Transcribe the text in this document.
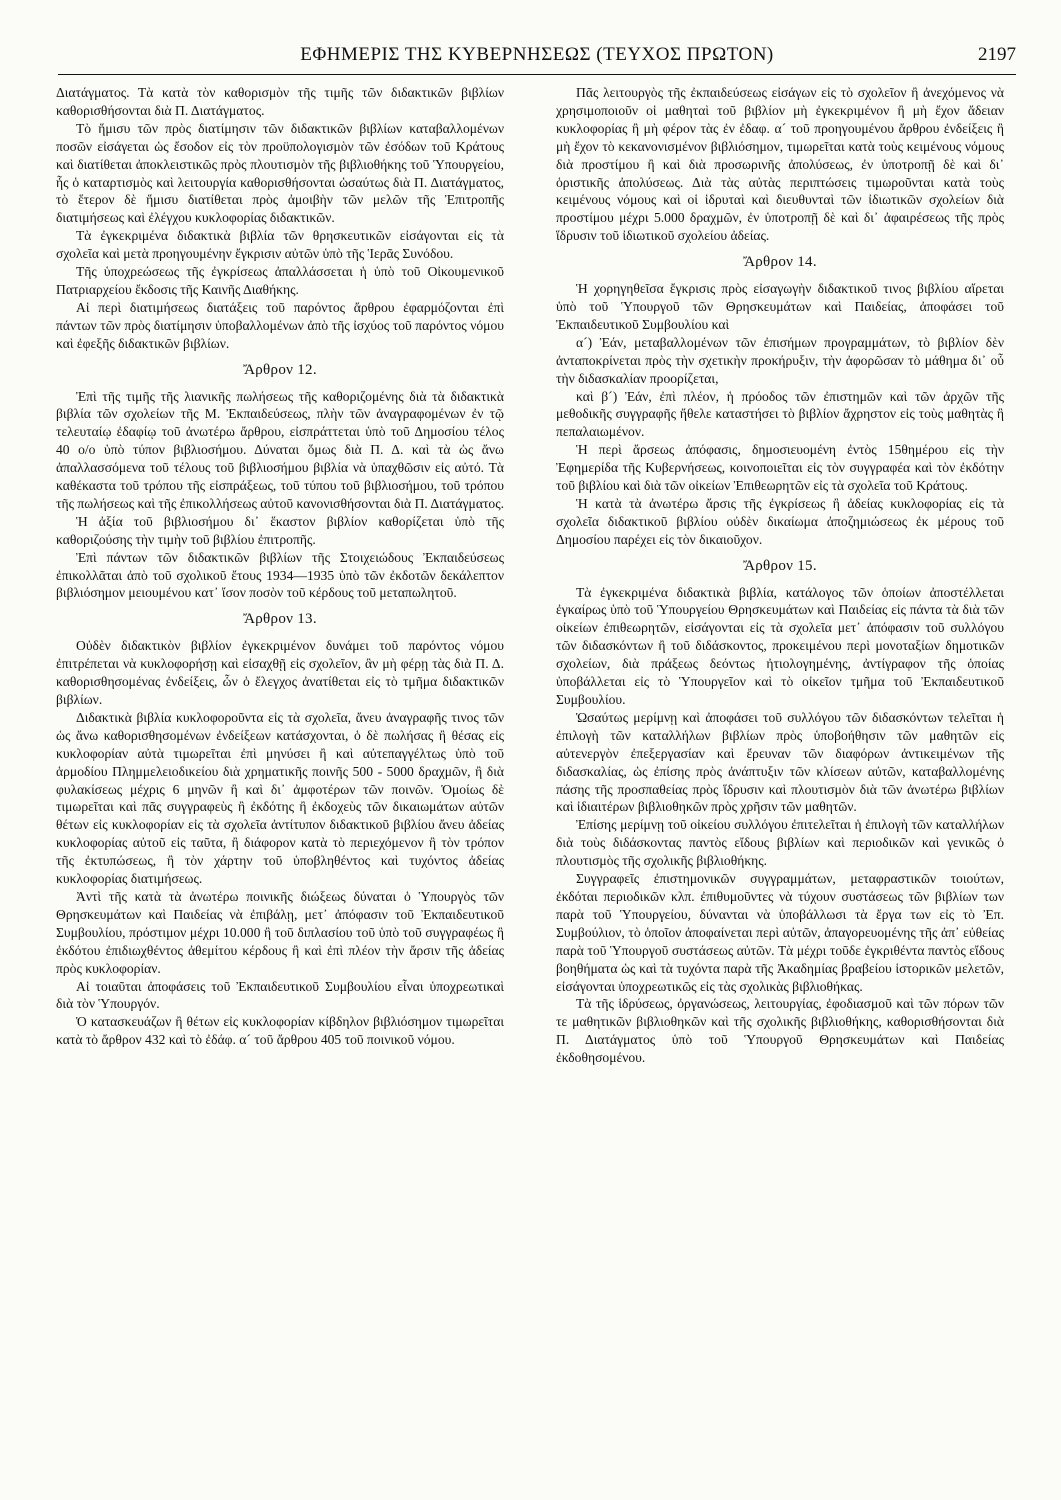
ΕΦΗΜΕΡΙΣ ΤΗΣ ΚΥΒΕΡΝΗΣΕΩΣ (ΤΕΥΧΟΣ ΠΡΩΤΟΝ)	2197

Διατάγματος. Τὰ κατὰ τὸν καθορισμὸν τῆς τιμῆς τῶν διδακτικῶν βιβλίων καθορισθήσονται διὰ Π. Διατάγματος.

Τὸ ἥμισυ τῶν πρὸς διατίμησιν τῶν διδακτικῶν βιβλίων καταβαλλομένων ποσῶν εἰσάγεται ὡς ἔσοδον εἰς τὸν προϋπολογισμὸν τῶν ἐσόδων τοῦ Κράτους καὶ διατίθεται ἀποκλειστικῶς πρὸς πλουτισμὸν τῆς βιβλιοθήκης τοῦ Ὑπουργείου, ἧς ὁ καταρτισμὸς καὶ λειτουργία καθορισθήσονται ὡσαύτως διὰ Π. Διατάγματος, τὸ ἕτερον δὲ ἥμισυ διατίθεται πρὸς ἀμοιβὴν τῶν μελῶν τῆς Ἐπιτροπῆς διατιμήσεως καὶ ἐλέγχου κυκλοφορίας διδακτικῶν.

Τὰ ἐγκεκριμένα διδακτικὰ βιβλία τῶν θρησκευτικῶν εἰσάγονται εἰς τὰ σχολεῖα καὶ μετὰ προηγουμένην ἔγκρισιν αὐτῶν ὑπὸ τῆς Ἱερᾶς Συνόδου.

Τῆς ὑποχρεώσεως τῆς ἐγκρίσεως ἀπαλλάσσεται ἡ ὑπὸ τοῦ Οἰκουμενικοῦ Πατριαρχείου ἔκδοσις τῆς Καινῆς Διαθήκης.

Αἱ περὶ διατιμήσεως διατάξεις τοῦ παρόντος ἄρθρου ἐφαρμόζονται ἐπὶ πάντων τῶν πρὸς διατίμησιν ὑποβαλλομένων ἀπὸ τῆς ἰσχύος τοῦ παρόντος νόμου καὶ ἐφεξῆς διδακτικῶν βιβλίων.

Ἄρθρον 12.

Ἐπὶ τῆς τιμῆς τῆς λιανικῆς πωλήσεως τῆς καθοριζομένης διὰ τὰ διδακτικὰ βιβλία τῶν σχολείων τῆς Μ. Ἐκπαιδεύσεως, πλὴν τῶν ἀναγραφομένων ἐν τῷ τελευταίῳ ἐδαφίῳ τοῦ ἀνωτέρω ἄρθρου, εἰσπράττεται ὑπὸ τοῦ Δημοσίου τέλος 40 ο/ο ὑπὸ τύπον βιβλιοσήμου. Δύναται ὅμως διὰ Π. Δ. καὶ τὰ ὡς ἄνω ἀπαλλασσόμενα τοῦ τέλους τοῦ βιβλιοσήμου βιβλία νὰ ὑπαχθῶσιν εἰς αὐτό. Τὰ καθέκαστα τοῦ τρόπου τῆς εἰσπράξεως, τοῦ τύπου τοῦ βιβλιοσήμου, τοῦ τρόπου τῆς πωλήσεως καὶ τῆς ἐπικολλήσεως αὐτοῦ κανονισθήσονται διὰ Π. Διατάγματος.

Ἡ ἀξία τοῦ βιβλιοσήμου δι᾽ ἕκαστον βιβλίον καθορίζεται ὑπὸ τῆς καθοριζούσης τὴν τιμὴν τοῦ βιβλίου ἐπιτροπῆς.

Ἐπὶ πάντων τῶν διδακτικῶν βιβλίων τῆς Στοιχειώδους Ἐκπαιδεύσεως ἐπικολλᾶται ἀπὸ τοῦ σχολικοῦ ἔτους 1934—1935 ὑπὸ τῶν ἐκδοτῶν δεκάλεπτον βιβλιόσημον μειουμένου κατ᾽ ἴσον ποσὸν τοῦ κέρδους τοῦ μεταπωλητοῦ.

Ἄρθρον 13.

Οὐδὲν διδακτικὸν βιβλίον ἐγκεκριμένον δυνάμει τοῦ παρόντος νόμου ἐπιτρέπεται νὰ κυκλοφορήσῃ καὶ εἰσαχθῇ εἰς σχολεῖον, ἂν μὴ φέρῃ τὰς διὰ Π. Δ. καθορισθησομένας ἐνδείξεις, ὧν ὁ ἔλεγχος ἀνατίθεται εἰς τὸ τμῆμα διδακτικῶν βιβλίων.

Διδακτικὰ βιβλία κυκλοφοροῦντα εἰς τὰ σχολεῖα, ἄνευ ἀναγραφῆς τινος τῶν ὡς ἄνω καθορισθησομένων ἐνδείξεων κατάσχονται, ὁ δὲ πωλήσας ἢ θέσας εἰς κυκλοφορίαν αὐτὰ τιμωρεῖται ἐπὶ μηνύσει ἢ καὶ αὐτεπαγγέλτως ὑπὸ τοῦ ἁρμοδίου Πλημμελειοδικείου διὰ χρηματικῆς ποινῆς 500 - 5000 δραχμῶν, ἢ διὰ φυλακίσεως μέχρις 6 μηνῶν ἢ καὶ δι᾽ ἀμφοτέρων τῶν ποινῶν. Ὁμοίως δὲ τιμωρεῖται καὶ πᾶς συγγραφεὺς ἢ ἐκδότης ἢ ἐκδοχεὺς τῶν δικαιωμάτων αὐτῶν θέτων εἰς κυκλοφορίαν εἰς τὰ σχολεῖα ἀντίτυπον διδακτικοῦ βιβλίου ἄνευ ἀδείας κυκλοφορίας αὐτοῦ εἰς ταῦτα, ἢ διάφορον κατὰ τὸ περιεχόμενον ἢ τὸν τρόπον τῆς ἐκτυπώσεως, ἢ τὸν χάρτην τοῦ ὑποβληθέντος καὶ τυχόντος ἀδείας κυκλοφορίας διατιμήσεως.

Ἀντὶ τῆς κατὰ τὰ ἀνωτέρω ποινικῆς διώξεως δύναται ὁ Ὑπουργὸς τῶν Θρησκευμάτων καὶ Παιδείας νὰ ἐπιβάλῃ, μετ᾽ ἀπόφασιν τοῦ Ἐκπαιδευτικοῦ Συμβουλίου, πρόστιμον μέχρι 10.000 ἢ τοῦ διπλασίου τοῦ ὑπὸ τοῦ συγγραφέως ἢ ἐκδότου ἐπιδιωχθέντος ἀθεμίτου κέρδους ἢ καὶ ἐπὶ πλέον τὴν ἄρσιν τῆς ἀδείας πρὸς κυκλοφορίαν.

Αἱ τοιαῦται ἀποφάσεις τοῦ Ἐκπαιδευτικοῦ Συμβουλίου εἶναι ὑποχρεωτικαὶ διὰ τὸν Ὑπουργόν.

Ὁ κατασκευάζων ἢ θέτων εἰς κυκλοφορίαν κίβδηλον βιβλιόσημον τιμωρεῖται κατὰ τὸ ἄρθρον 432 καὶ τὸ ἐδάφ. α´ τοῦ ἄρθρου 405 τοῦ ποινικοῦ νόμου.

Πᾶς λειτουργὸς τῆς ἐκπαιδεύσεως εἰσάγων εἰς τὸ σχολεῖον ἢ ἀνεχόμενος νὰ χρησιμοποιοῦν οἱ μαθηταὶ τοῦ βιβλίον μὴ ἐγκεκριμένον ἢ μὴ ἔχον ἄδειαν κυκλοφορίας ἢ μὴ φέρον τὰς ἐν ἐδαφ. α´ τοῦ προηγουμένου ἄρθρου ἐνδείξεις ἢ μὴ ἔχον τὸ κεκανονισμένον βιβλιόσημον, τιμωρεῖται κατὰ τοὺς κειμένους νόμους διὰ προστίμου ἢ καὶ διὰ προσωρινῆς ἀπολύσεως, ἐν ὑποτροπῇ δὲ καὶ δι᾽ ὁριστικῆς ἀπολύσεως. Διὰ τὰς αὐτὰς περιπτώσεις τιμωροῦνται κατὰ τοὺς κειμένους νόμους καὶ οἱ ἱδρυταὶ καὶ διευθυνταὶ τῶν ἰδιωτικῶν σχολείων διὰ προστίμου μέχρι 5.000 δραχμῶν, ἐν ὑποτροπῇ δὲ καὶ δι᾽ ἀφαιρέσεως τῆς πρὸς ἵδρυσιν τοῦ ἰδιωτικοῦ σχολείου ἀδείας.

Ἄρθρον 14.

Ἡ χορηγηθεῖσα ἔγκρισις πρὸς εἰσαγωγὴν διδακτικοῦ τινος βιβλίου αἴρεται ὑπὸ τοῦ Ὑπουργοῦ τῶν Θρησκευμάτων καὶ Παιδείας, ἀποφάσει τοῦ Ἐκπαιδευτικοῦ Συμβουλίου καὶ

α´) Ἐάν, μεταβαλλομένων τῶν ἐπισήμων προγραμμάτων, τὸ βιβλίον δὲν ἀνταποκρίνεται πρὸς τὴν σχετικὴν προκήρυξιν, τὴν ἀφορῶσαν τὸ μάθημα δι᾽ οὗ τὴν διδασκαλίαν προορίζεται,

καὶ β´) Ἐάν, ἐπὶ πλέον, ἡ πρόοδος τῶν ἐπιστημῶν καὶ τῶν ἀρχῶν τῆς μεθοδικῆς συγγραφῆς ἤθελε καταστήσει τὸ βιβλίον ἄχρηστον εἰς τοὺς μαθητὰς ἢ πεπαλαιωμένον.

Ἡ περὶ ἄρσεως ἀπόφασις, δημοσιευομένη ἐντὸς 15θημέρου εἰς τὴν Ἐφημερίδα τῆς Κυβερνήσεως, κοινοποιεῖται εἰς τὸν συγγραφέα καὶ τὸν ἐκδότην τοῦ βιβλίου καὶ διὰ τῶν οἰκείων Ἐπιθεωρητῶν εἰς τὰ σχολεῖα τοῦ Κράτους.

Ἡ κατὰ τὰ ἀνωτέρω ἄρσις τῆς ἐγκρίσεως ἢ ἀδείας κυκλοφορίας εἰς τὰ σχολεῖα διδακτικοῦ βιβλίου οὐδὲν δικαίωμα ἀποζημιώσεως ἐκ μέρους τοῦ Δημοσίου παρέχει εἰς τὸν δικαιοῦχον.

Ἄρθρον 15.

Τὰ ἐγκεκριμένα διδακτικὰ βιβλία, κατάλογος τῶν ὁποίων ἀποστέλλεται ἐγκαίρως ὑπὸ τοῦ Ὑπουργείου Θρησκευμάτων καὶ Παιδείας εἰς πάντα τὰ διὰ τῶν οἰκείων ἐπιθεωρητῶν, εἰσάγονται εἰς τὰ σχολεῖα μετ᾽ ἀπόφασιν τοῦ συλλόγου τῶν διδασκόντων ἢ τοῦ διδάσκοντος, προκειμένου περὶ μονοταξίων δημοτικῶν σχολείων, διὰ πράξεως δεόντως ἠτιολογημένης, ἀντίγραφον τῆς ὁποίας ὑποβάλλεται εἰς τὸ Ὑπουργεῖον καὶ τὸ οἰκεῖον τμῆμα τοῦ Ἐκπαιδευτικοῦ Συμβουλίου.

Ὡσαύτως μερίμνῃ καὶ ἀποφάσει τοῦ συλλόγου τῶν διδασκόντων τελεῖται ἡ ἐπιλογὴ τῶν καταλλήλων βιβλίων πρὸς ὑποβοήθησιν τῶν μαθητῶν εἰς αὐτενεργὸν ἐπεξεργασίαν καὶ ἔρευναν τῶν διαφόρων ἀντικειμένων τῆς διδασκαλίας, ὡς ἐπίσης πρὸς ἀνάπτυξιν τῶν κλίσεων αὐτῶν, καταβαλλομένης πάσης τῆς προσπαθείας πρὸς ἵδρυσιν καὶ πλουτισμὸν διὰ τῶν ἀνωτέρω βιβλίων καὶ ἰδιαιτέρων βιβλιοθηκῶν πρὸς χρῆσιν τῶν μαθητῶν.

Ἐπίσης μερίμνῃ τοῦ οἰκείου συλλόγου ἐπιτελεῖται ἡ ἐπιλογὴ τῶν καταλλήλων διὰ τοὺς διδάσκοντας παντὸς εἴδους βιβλίων καὶ περιοδικῶν καὶ γενικῶς ὁ πλουτισμὸς τῆς σχολικῆς βιβλιοθήκης.

Συγγραφεῖς ἐπιστημονικῶν συγγραμμάτων, μεταφραστικῶν τοιούτων, ἐκδόται περιοδικῶν κλπ. ἐπιθυμοῦντες νὰ τύχουν συστάσεως τῶν βιβλίων των παρὰ τοῦ Ὑπουργείου, δύνανται νὰ ὑποβάλλωσι τὰ ἔργα των εἰς τὸ Ἐπ. Συμβούλιον, τὸ ὁποῖον ἀποφαίνεται περὶ αὐτῶν, ἀπαγορευομένης τῆς ἀπ᾽ εὐθείας παρὰ τοῦ Ὑπουργοῦ συστάσεως αὐτῶν. Τὰ μέχρι τοῦδε ἐγκριθέντα παντὸς εἴδους βοηθήματα ὡς καὶ τὰ τυχόντα παρὰ τῆς Ἀκαδημίας βραβείου ἱστορικῶν μελετῶν, εἰσάγονται ὑποχρεωτικῶς εἰς τὰς σχολικὰς βιβλιοθήκας.

Τὰ τῆς ἱδρύσεως, ὀργανώσεως, λειτουργίας, ἐφοδιασμοῦ καὶ τῶν πόρων τῶν τε μαθητικῶν βιβλιοθηκῶν καὶ τῆς σχολικῆς βιβλιοθήκης, καθορισθήσονται διὰ Π. Διατάγματος ὑπὸ τοῦ Ὑπουργοῦ Θρησκευμάτων καὶ Παιδείας ἐκδοθησομένου.
